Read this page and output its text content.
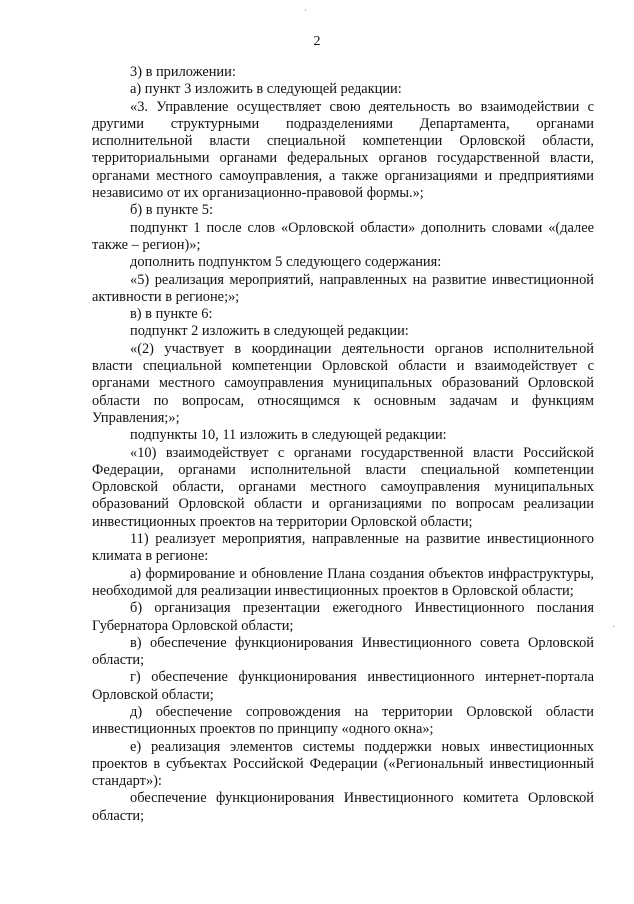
·
2

3) в приложении:

а) пункт 3 изложить в следующей редакции:

«3. Управление осуществляет свою деятельность во взаимодействии с другими структурными подразделениями Департамента, органами исполнительной власти специальной компетенции Орловской области, территориальными органами федеральных органов государственной власти, органами местного самоуправления, а также организациями и предприятиями независимо от их организационно-правовой формы.»;

б) в пункте 5:

подпункт 1 после слов «Орловской области» дополнить словами «(далее также – регион)»;

дополнить подпунктом 5 следующего содержания:

«5) реализация мероприятий, направленных на развитие инвестиционной активности в регионе;»;

в) в пункте 6:

подпункт 2 изложить в следующей редакции:

«(2) участвует в координации деятельности органов исполнительной власти специальной компетенции Орловской области и взаимодействует с органами местного самоуправления муниципальных образований Орловской области по вопросам, относящимся к основным задачам и функциям Управления;»;

подпункты 10, 11 изложить в следующей редакции:

«10) взаимодействует с органами государственной власти Российской Федерации, органами исполнительной власти специальной компетенции Орловской области, органами местного самоуправления муниципальных образований Орловской области и организациями по вопросам реализации инвестиционных проектов на территории Орловской области;

11) реализует мероприятия, направленные на развитие инвестиционного климата в регионе:

а) формирование и обновление Плана создания объектов инфраструктуры, необходимой для реализации инвестиционных проектов в Орловской области;

б) организация презентации ежегодного Инвестиционного послания Губернатора Орловской области;

в) обеспечение функционирования Инвестиционного совета Орловской области;

г) обеспечение функционирования инвестиционного интернет-портала Орловской области;

д) обеспечение сопровождения на территории Орловской области инвестиционных проектов по принципу «одного окна»;

е) реализация элементов системы поддержки новых инвестиционных проектов в субъектах Российской Федерации («Региональный инвестиционный стандарт»):

обеспечение функционирования Инвестиционного комитета Орловской области;

·
